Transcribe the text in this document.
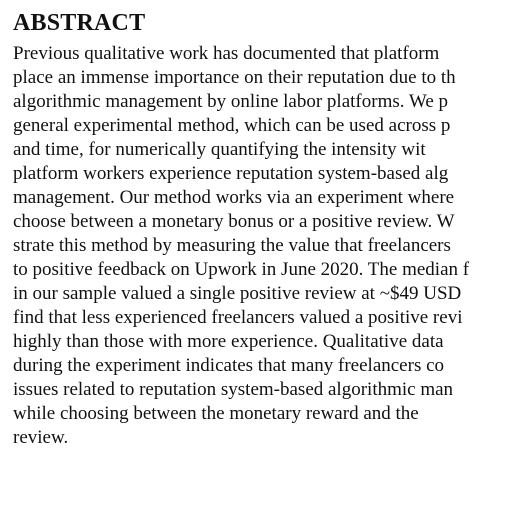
ABSTRACT
Previous qualitative work has documented that platform
place an immense importance on their reputation due to th
algorithmic management by online labor platforms. We p
general experimental method, which can be used across p
and time, for numerically quantifying the intensity wit
platform workers experience reputation system-based alg
management. Our method works via an experiment where
choose between a monetary bonus or a positive review. W
strate this method by measuring the value that freelancers
to positive feedback on Upwork in June 2020. The median f
in our sample valued a single positive review at ~$49 USD
find that less experienced freelancers valued a positive revi
highly than those with more experience. Qualitative data
during the experiment indicates that many freelancers co
issues related to reputation system-based algorithmic man
while choosing between the monetary reward and the
review.
